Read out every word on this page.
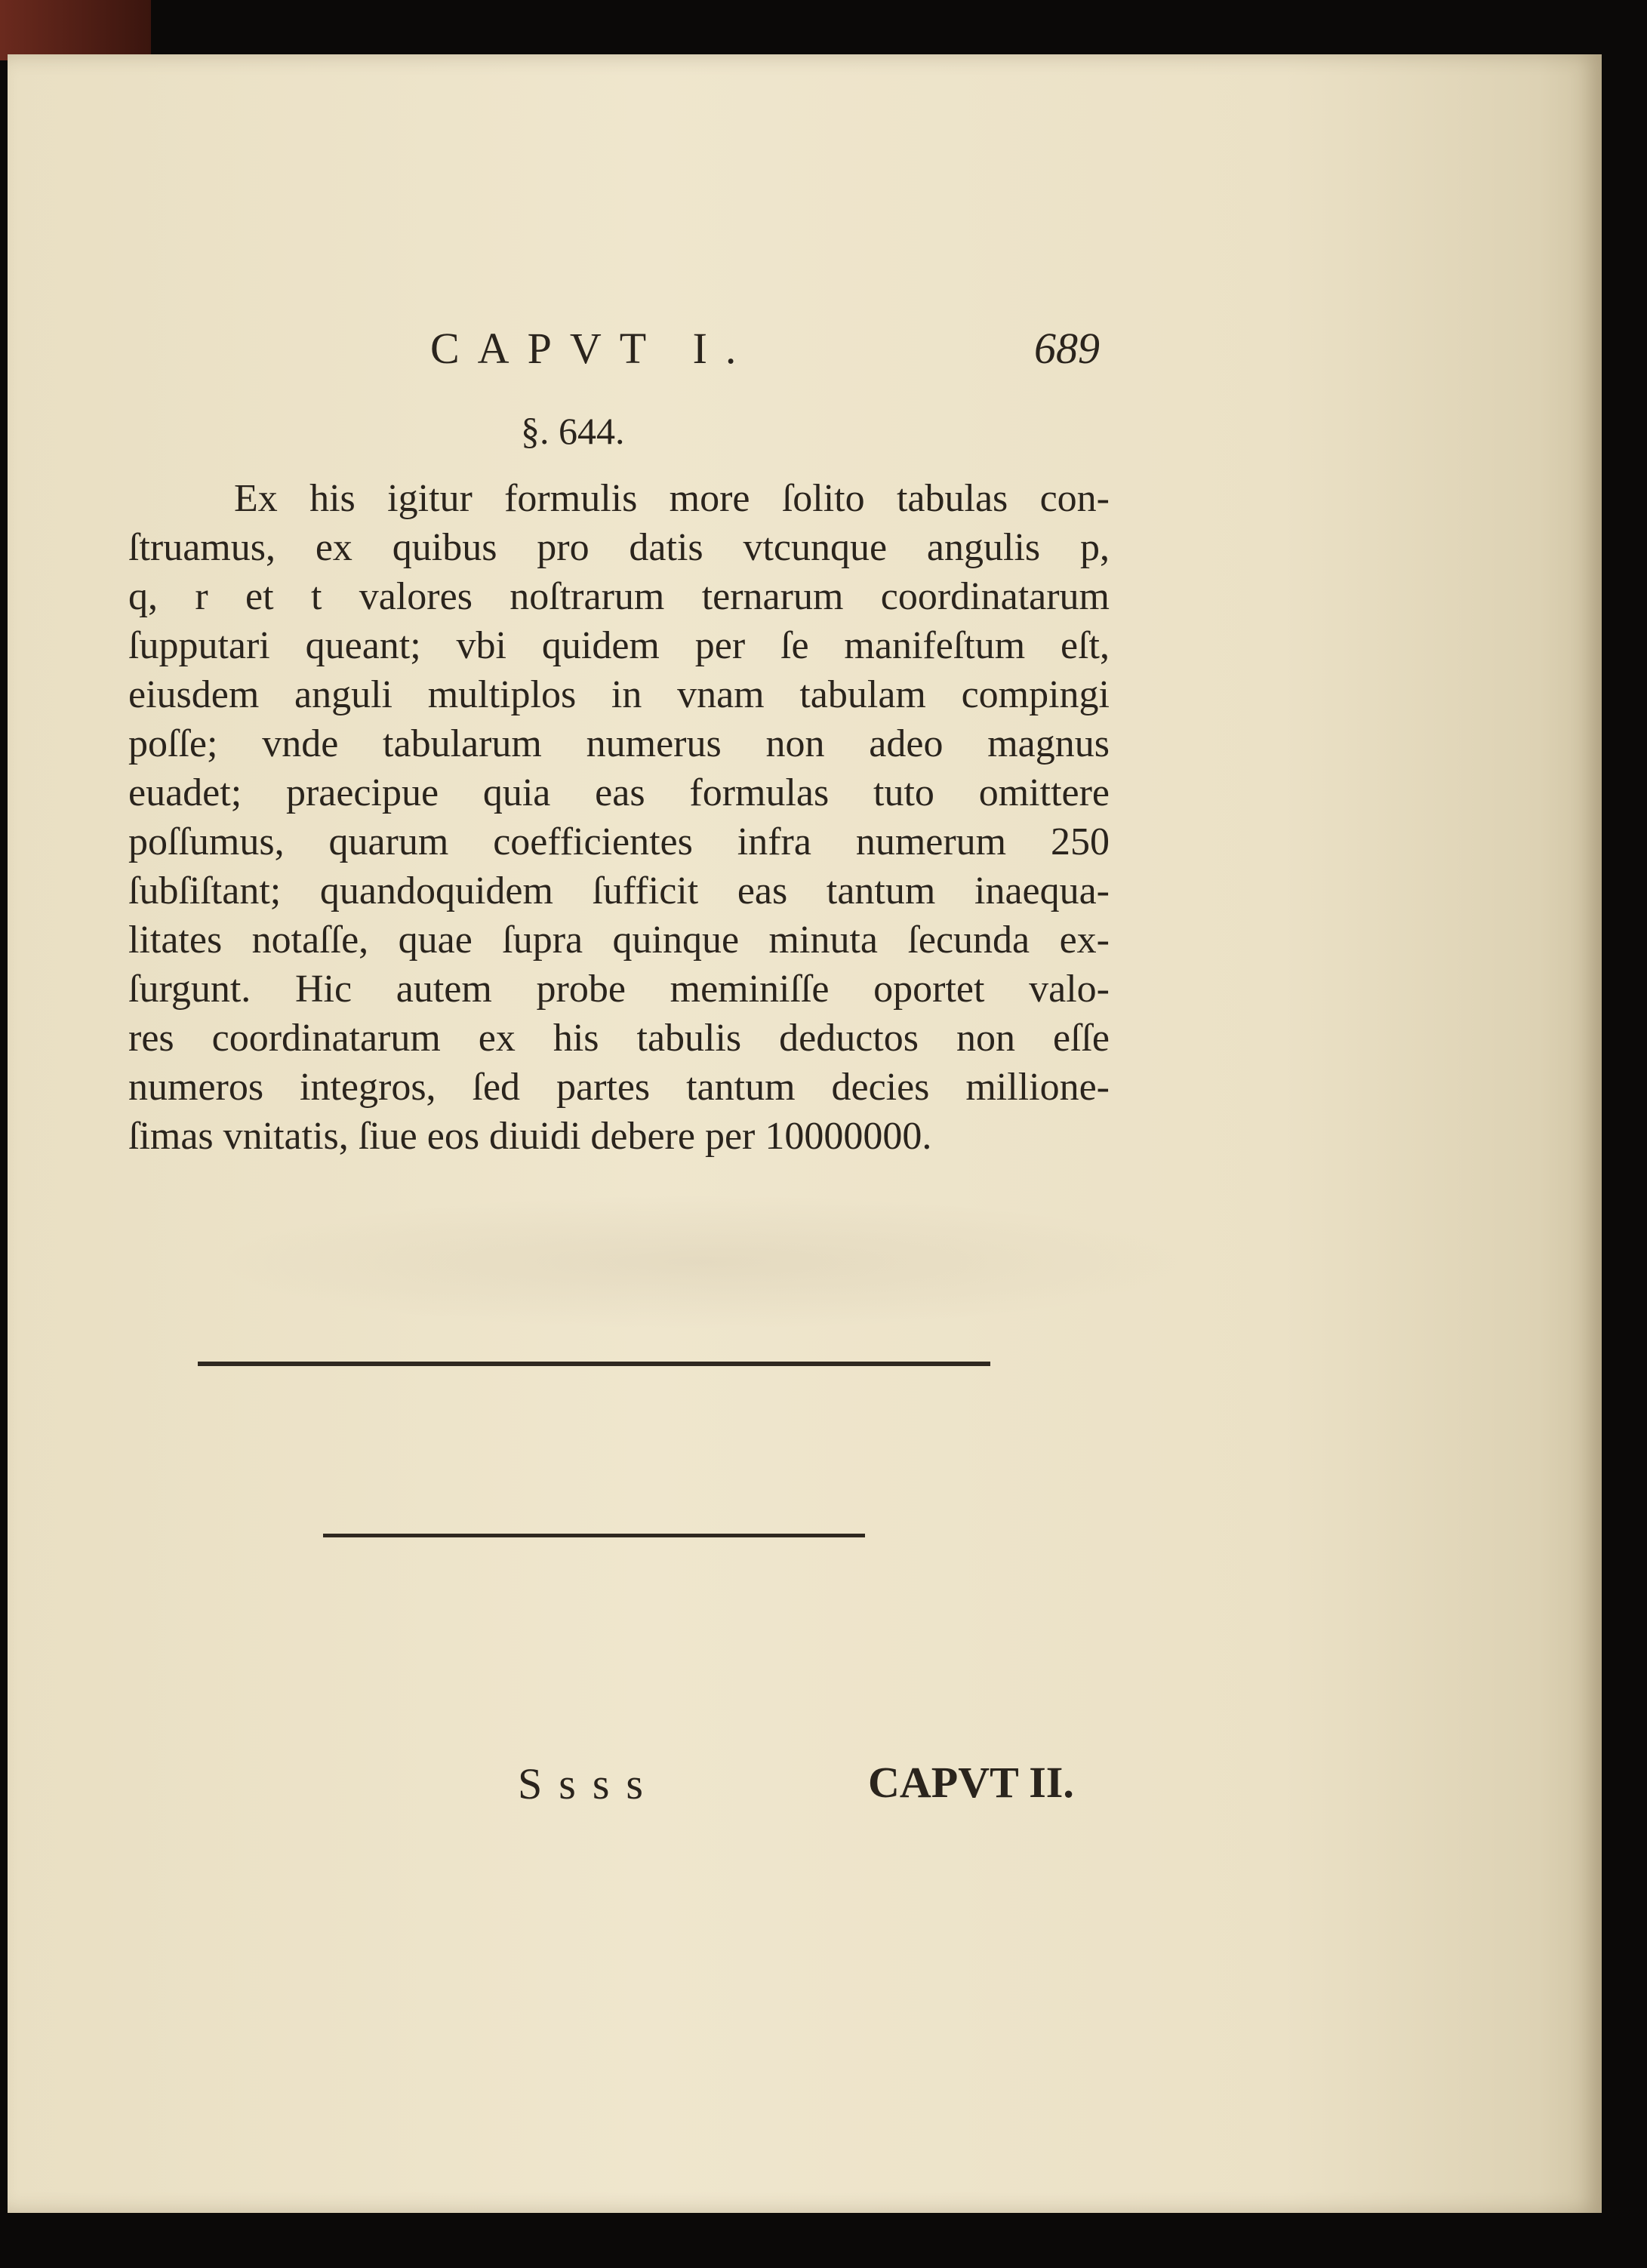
CAPVT I.	689
§. 644.
Ex his igitur formulis more ſolito tabulas con-
ſtruamus, ex quibus pro datis vtcunque angulis p,
q, r et t valores noſtrarum ternarum coordinatarum
ſupputari queant; vbi quidem per ſe manifeſtum eſt,
eiusdem anguli multiplos in vnam tabulam compingi
poſſe; vnde tabularum numerus non adeo magnus
euadet; praecipue quia eas formulas tuto omittere
poſſumus, quarum coefficientes infra numerum 250
ſubſiſtant; quandoquidem ſufficit eas tantum inaequa-
litates notaſſe, quae ſupra quinque minuta ſecunda ex-
ſurgunt. Hic autem probe meminiſſe oportet valo-
res coordinatarum ex his tabulis deductos non eſſe
numeros integros, ſed partes tantum decies millione-
ſimas vnitatis, ſiue eos diuidi debere per 10000000.
Ssss	CAPVT II.
